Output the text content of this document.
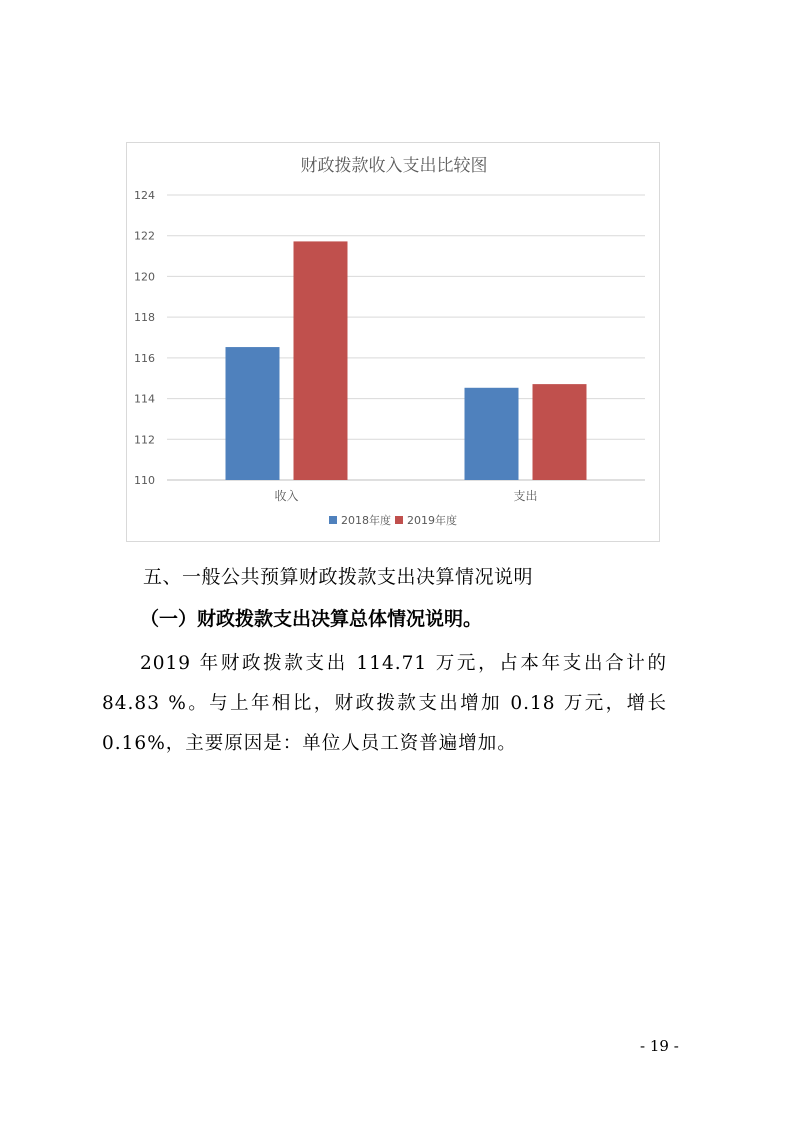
财政拨款收入支出比较图
110
112
114
116
118
120
122
124
收入	支出
2018年度 2019年度
五、一般公共预算财政拨款支出决算情况说明
（一）财政拨款支出决算总体情况说明。
2019 年财政拨款支出 114.71 万元，占本年支出合计的 84.83 %。与上年相比，财政拨款支出增加 0.18 万元，增长 0.16%，主要原因是：单位人员工资普遍增加。
- 19 -
